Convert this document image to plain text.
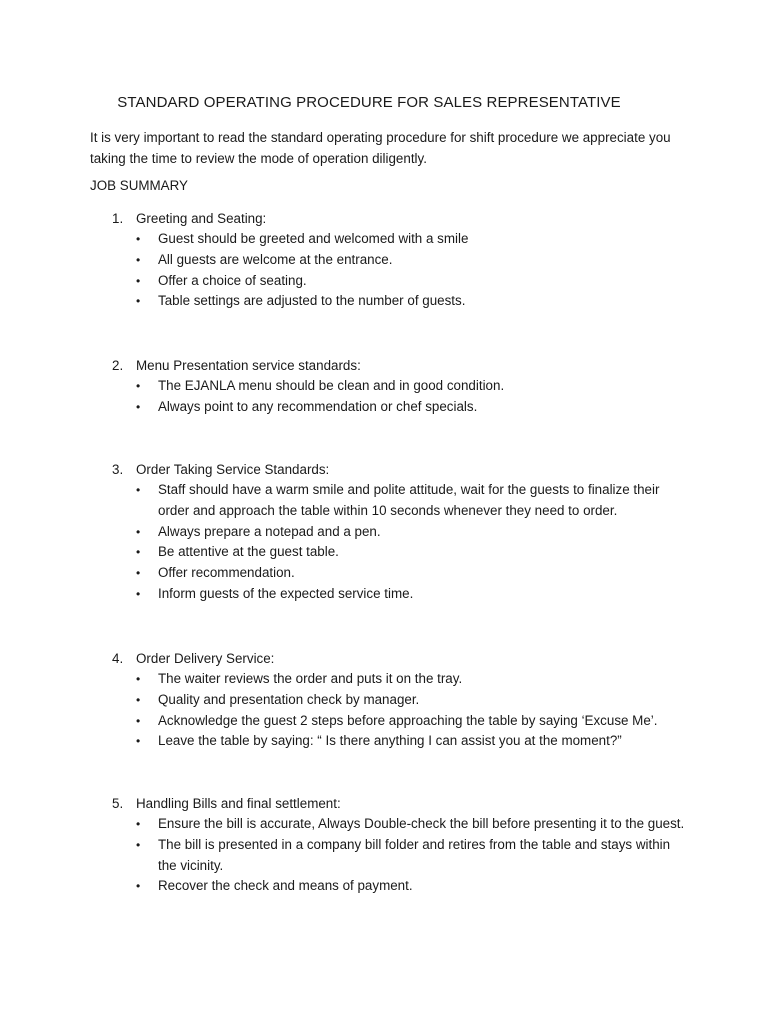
STANDARD OPERATING PROCEDURE FOR SALES REPRESENTATIVE

It is very important to read the standard operating procedure for shift procedure we appreciate you taking the time to review the mode of operation diligently.

JOB SUMMARY

1. Greeting and Seating:
• Guest should be greeted and welcomed with a smile
• All guests are welcome at the entrance.
• Offer a choice of seating.
• Table settings are adjusted to the number of guests.
2. Menu Presentation service standards:
• The EJANLA menu should be clean and in good condition.
• Always point to any recommendation or chef specials.
3. Order Taking Service Standards:
• Staff should have a warm smile and polite attitude, wait for the guests to finalize their order and approach the table within 10 seconds whenever they need to order.
• Always prepare a notepad and a pen.
• Be attentive at the guest table.
• Offer recommendation.
• Inform guests of the expected service time.
4. Order Delivery Service:
• The waiter reviews the order and puts it on the tray.
• Quality and presentation check by manager.
• Acknowledge the guest 2 steps before approaching the table by saying ‘Excuse Me’.
• Leave the table by saying: “ Is there anything I can assist you at the moment?”
5. Handling Bills and final settlement:
• Ensure the bill is accurate, Always Double-check the bill before presenting it to the guest.
• The bill is presented in a company bill folder and retires from the table and stays within the vicinity.
• Recover the check and means of payment.
